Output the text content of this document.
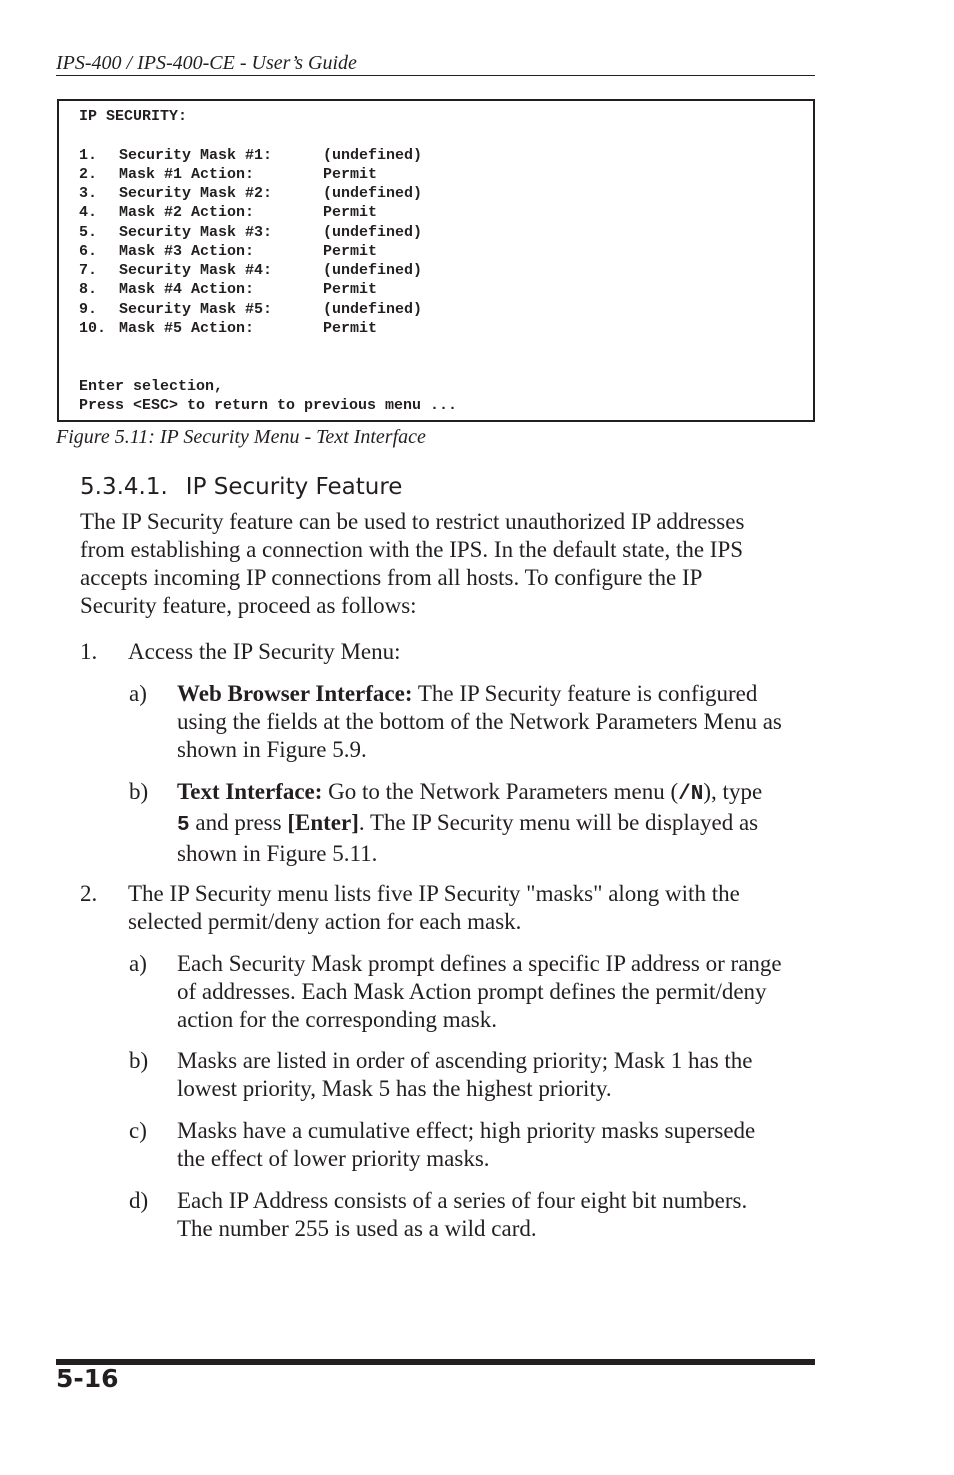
IPS-400 / IPS-400-CE - User’s Guide
IP SECURITY:
1. Security Mask #1:	(undefined)
2. Mask #1 Action:	Permit
3. Security Mask #2:	(undefined)
4. Mask #2 Action:	Permit
5. Security Mask #3:	(undefined)
6. Mask #3 Action:	Permit
7. Security Mask #4:	(undefined)
8. Mask #4 Action:	Permit
9. Security Mask #5:	(undefined)
10. Mask #5 Action:	Permit
Enter selection,
Press <ESC> to return to previous menu ...
Figure 5.11: IP Security Menu - Text Interface
5.3.4.1. IP Security Feature
The IP Security feature can be used to restrict unauthorized IP addresses
from establishing a connection with the IPS. In the default state, the IPS
accepts incoming IP connections from all hosts. To configure the IP
Security feature, proceed as follows:
1. Access the IP Security Menu:
a) Web Browser Interface: The IP Security feature is configured
using the fields at the bottom of the Network Parameters Menu as
shown in Figure 5.9.
b) Text Interface: Go to the Network Parameters menu (/N), type
5 and press [Enter]. The IP Security menu will be displayed as
shown in Figure 5.11.
2. The IP Security menu lists five IP Security "masks" along with the
selected permit/deny action for each mask.
a) Each Security Mask prompt defines a specific IP address or range
of addresses. Each Mask Action prompt defines the permit/deny
action for the corresponding mask.
b) Masks are listed in order of ascending priority; Mask 1 has the
lowest priority, Mask 5 has the highest priority.
c) Masks have a cumulative effect; high priority masks supersede
the effect of lower priority masks.
d) Each IP Address consists of a series of four eight bit numbers.
The number 255 is used as a wild card.
5-16
